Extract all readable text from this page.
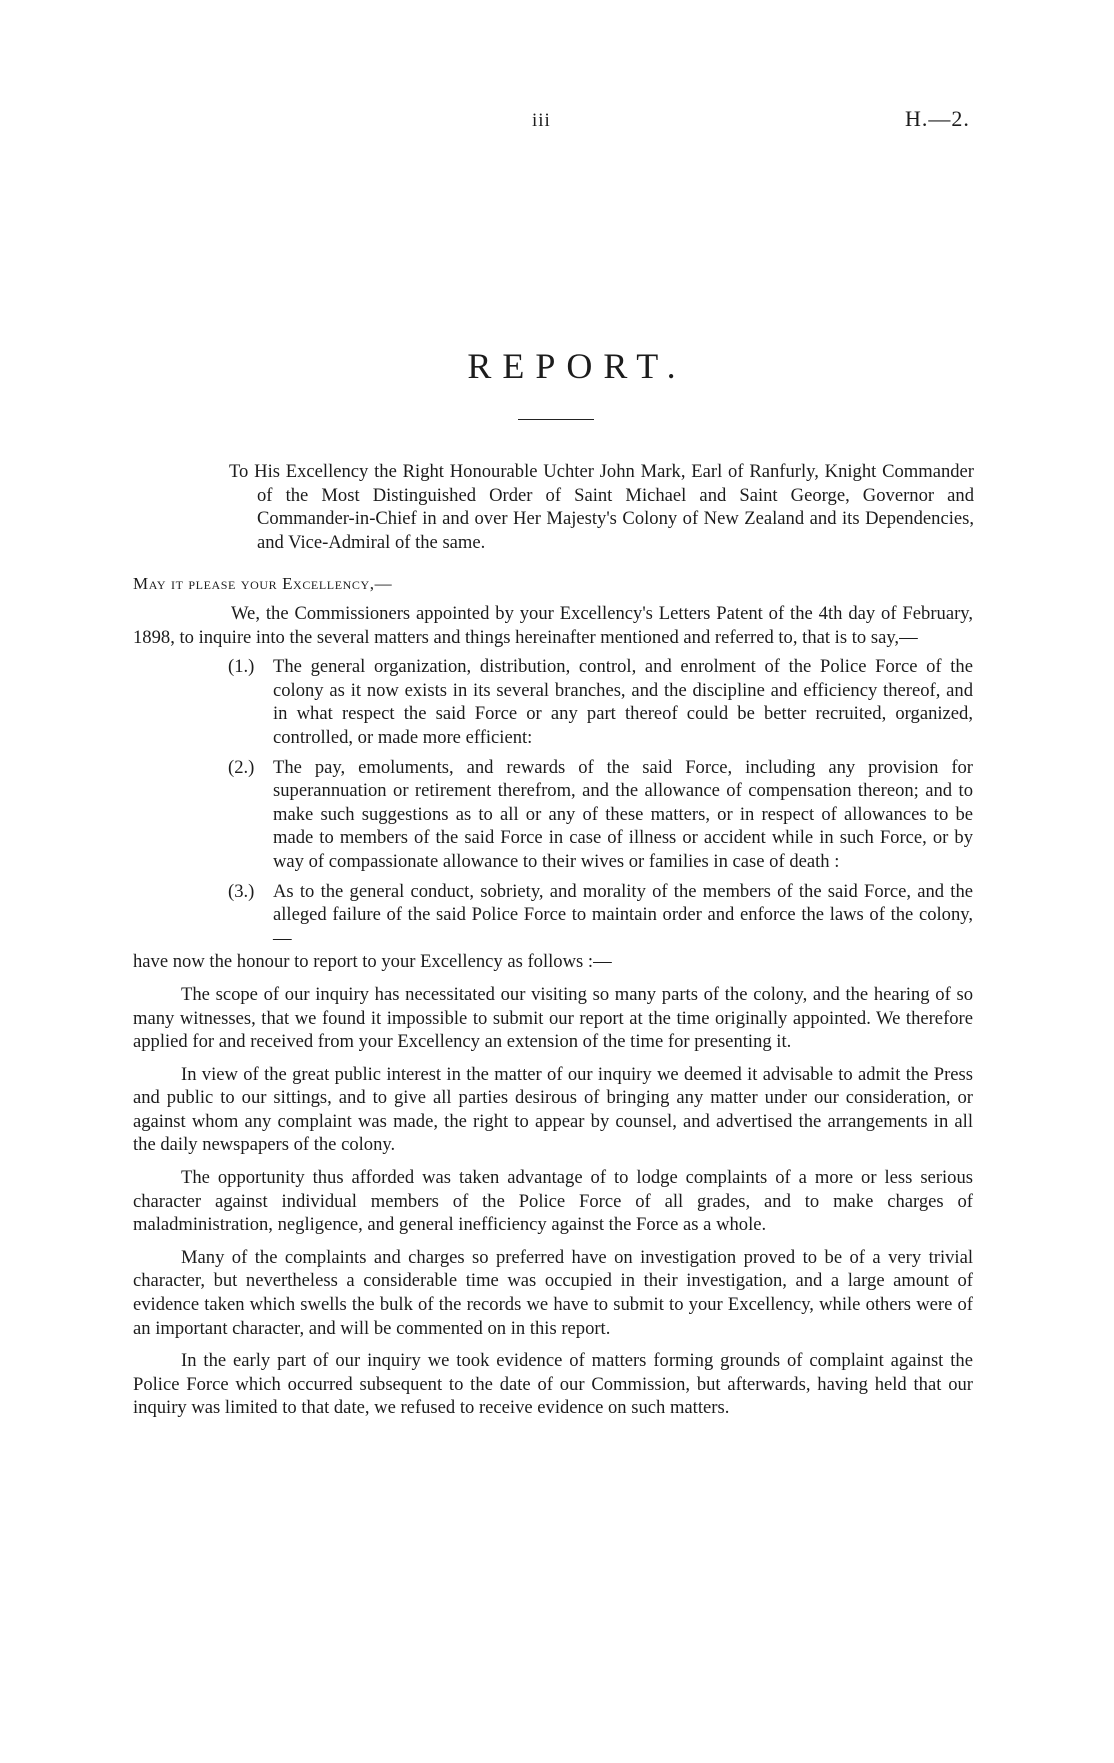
iii	H.—2.
REPORT.

To His Excellency the Right Honourable Uchter John Mark, Earl of Ranfurly, Knight Commander of the Most Distinguished Order of Saint Michael and Saint George, Governor and Commander-in-Chief in and over Her Majesty's Colony of New Zealand and its Dependencies, and Vice-Admiral of the same.

May it please your Excellency,—

We, the Commissioners appointed by your Excellency's Letters Patent of the 4th day of February, 1898, to inquire into the several matters and things hereinafter mentioned and referred to, that is to say,—

(1.) The general organization, distribution, control, and enrolment of the Police Force of the colony as it now exists in its several branches, and the discipline and efficiency thereof, and in what respect the said Force or any part thereof could be better recruited, organized, controlled, or made more efficient:
(2.) The pay, emoluments, and rewards of the said Force, including any provision for superannuation or retirement therefrom, and the allowance of compensation thereon; and to make such suggestions as to all or any of these matters, or in respect of allowances to be made to members of the said Force in case of illness or accident while in such Force, or by way of compassionate allowance to their wives or families in case of death :
(3.) As to the general conduct, sobriety, and morality of the members of the said Force, and the alleged failure of the said Police Force to maintain order and enforce the laws of the colony,—

have now the honour to report to your Excellency as follows :—

The scope of our inquiry has necessitated our visiting so many parts of the colony, and the hearing of so many witnesses, that we found it impossible to submit our report at the time originally appointed. We therefore applied for and received from your Excellency an extension of the time for presenting it.

In view of the great public interest in the matter of our inquiry we deemed it advisable to admit the Press and public to our sittings, and to give all parties desirous of bringing any matter under our consideration, or against whom any complaint was made, the right to appear by counsel, and advertised the arrangements in all the daily newspapers of the colony.

The opportunity thus afforded was taken advantage of to lodge complaints of a more or less serious character against individual members of the Police Force of all grades, and to make charges of maladministration, negligence, and general inefficiency against the Force as a whole.

Many of the complaints and charges so preferred have on investigation proved to be of a very trivial character, but nevertheless a considerable time was occupied in their investigation, and a large amount of evidence taken which swells the bulk of the records we have to submit to your Excellency, while others were of an important character, and will be commented on in this report.

In the early part of our inquiry we took evidence of matters forming grounds of complaint against the Police Force which occurred subsequent to the date of our Commission, but afterwards, having held that our inquiry was limited to that date, we refused to receive evidence on such matters.
